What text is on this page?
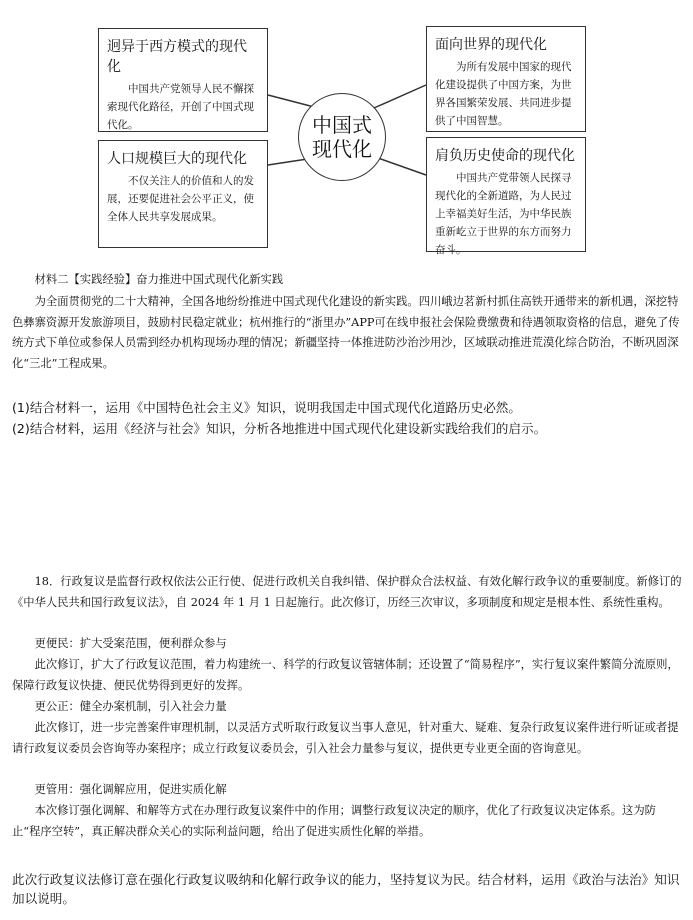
迥异于西方模式的现代化
中国共产党领导人民不懈探索现代化路径，开创了中国式现代化。
面向世界的现代化
为所有发展中国家的现代化建设提供了中国方案，为世界各国繁荣发展、共同进步提供了中国智慧。
中国式现代化
人口规模巨大的现代化
不仅关注人的价值和人的发展，还要促进社会公平正义，使全体人民共享发展成果。
肩负历史使命的现代化
中国共产党带领人民探寻现代化的全新道路，为人民过上幸福美好生活，为中华民族重新屹立于世界的东方而努力奋斗。

材料二【实践经验】奋力推进中国式现代化新实践

为全面贯彻党的二十大精神，全国各地纷纷推进中国式现代化建设的新实践。四川峨边茗新村抓住高铁开通带来的新机遇，深挖特色彝寨资源开发旅游项目，鼓励村民稳定就业；杭州推行的“浙里办”APP可在线申报社会保险费缴费和待遇领取资格的信息，避免了传统方式下单位或参保人员需到经办机构现场办理的情况；新疆坚持一体推进防沙治沙用沙，区域联动推进荒漠化综合防治，不断巩固深化“三北”工程成果。

(1)结合材料一，运用《中国特色社会主义》知识，说明我国走中国式现代化道路历史必然。

(2)结合材料，运用《经济与社会》知识，分析各地推进中国式现代化建设新实践给我们的启示。

18．行政复议是监督行政权依法公正行使、促进行政机关自我纠错、保护群众合法权益、有效化解行政争议的重要制度。新修订的《中华人民共和国行政复议法》，自 2024 年 1 月 1 日起施行。此次修订，历经三次审议，多项制度和规定是根本性、系统性重构。

更便民：扩大受案范围，便利群众参与

此次修订，扩大了行政复议范围，着力构建统一、科学的行政复议管辖体制；还设置了“简易程序”，实行复议案件繁简分流原则，保障行政复议快捷、便民优势得到更好的发挥。

更公正：健全办案机制，引入社会力量

此次修订，进一步完善案件审理机制，以灵活方式听取行政复议当事人意见，针对重大、疑难、复杂行政复议案件进行听证或者提请行政复议委员会咨询等办案程序；成立行政复议委员会，引入社会力量参与复议，提供更专业更全面的咨询意见。

更管用：强化调解应用，促进实质化解

本次修订强化调解、和解等方式在办理行政复议案件中的作用；调整行政复议决定的顺序，优化了行政复议决定体系。这为防止“程序空转”，真正解决群众关心的实际利益问题，给出了促进实质性化解的举措。

此次行政复议法修订意在强化行政复议吸纳和化解行政争议的能力，坚持复议为民。结合材料，运用《政治与法治》知识加以说明。
